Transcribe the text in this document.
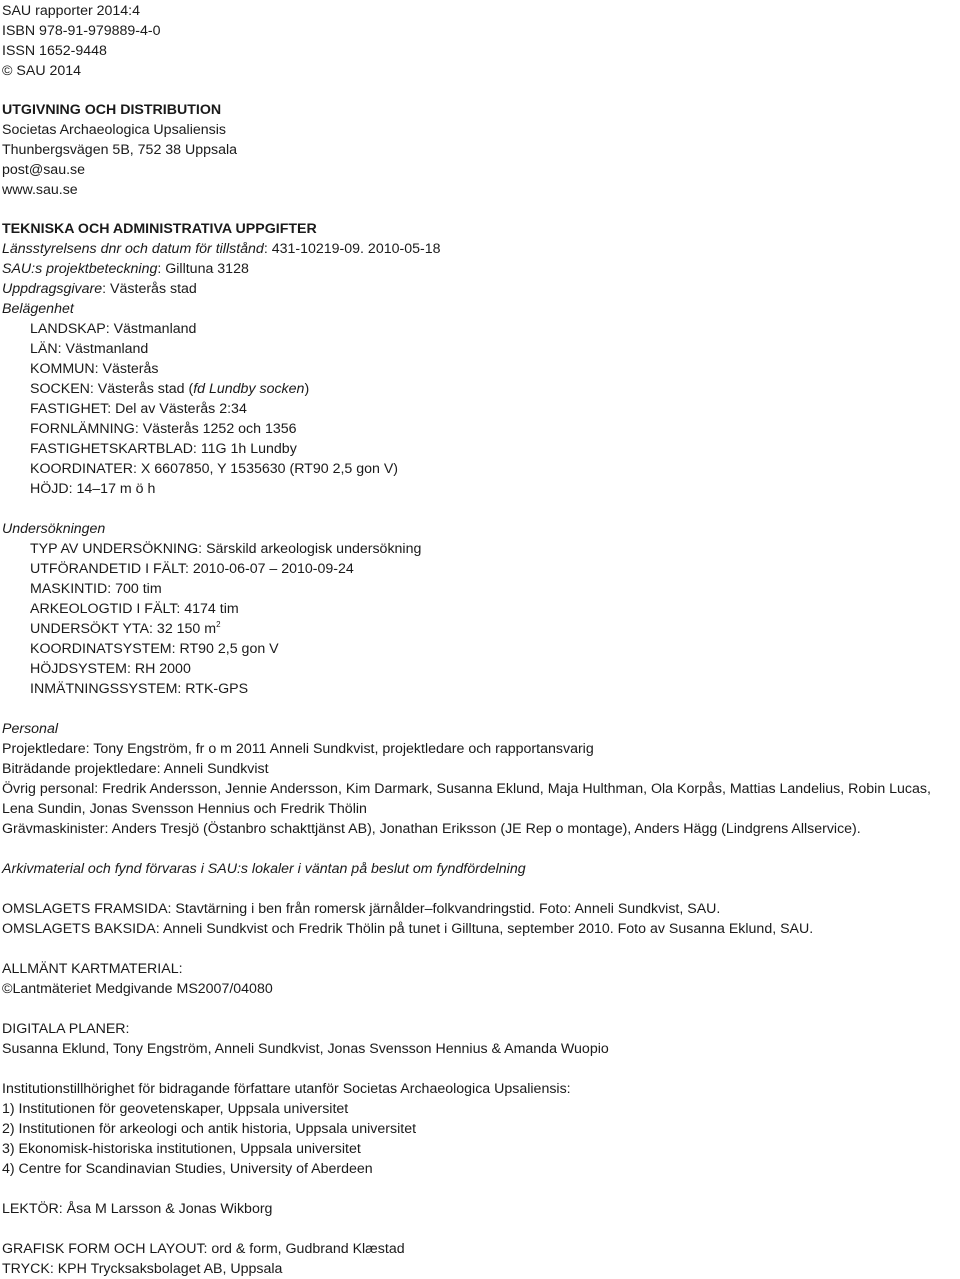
SAU rapporter 2014:4
ISBN 978-91-979889-4-0
ISSN 1652-9448
© SAU 2014
UTGIVNING OCH DISTRIBUTION
Societas Archaeologica Upsaliensis
Thunbergsvägen 5B, 752 38 Uppsala
post@sau.se
www.sau.se
TEKNISKA OCH ADMINISTRATIVA UPPGIFTER
Länsstyrelsens dnr och datum för tillstånd: 431-10219-09. 2010-05-18
SAU:s projektbeteckning: Gilltuna 3128
Uppdragsgivare: Västerås stad
Belägenhet
LANDSKAP: Västmanland
LÄN: Västmanland
KOMMUN: Västerås
SOCKEN: Västerås stad (fd Lundby socken)
FASTIGHET: Del av Västerås 2:34
FORNLÄMNING: Västerås 1252 och 1356
FASTIGHETSKARTBLAD: 11G 1h Lundby
KOORDINATER: X 6607850, Y 1535630 (RT90 2,5 gon V)
HÖJD: 14–17 m ö h
Undersökningen
TYP AV UNDERSÖKNING: Särskild arkeologisk undersökning
UTFÖRANDETID I FÄLT: 2010-06-07 – 2010-09-24
MASKINTID: 700 tim
ARKEOLOGTID I FÄLT: 4174 tim
UNDERSÖKT YTA: 32 150 $m^2$
KOORDINATSYSTEM: RT90 2,5 gon V
HÖJDSYSTEM: RH 2000
INMÄTNINGSSYSTEM: RTK-GPS
Personal
Projektledare: Tony Engström, fr o m 2011 Anneli Sundkvist, projektledare och rapportansvarig
Biträdande projektledare: Anneli Sundkvist
Övrig personal: Fredrik Andersson, Jennie Andersson, Kim Darmark, Susanna Eklund, Maja Hulthman, Ola Korpås, Mattias Landelius, Robin Lucas, Lena Sundin, Jonas Svensson Hennius och Fredrik Thölin
Grävmaskinister: Anders Tresjö (Östanbro schakttjänst AB), Jonathan Eriksson (JE Rep o montage), Anders Hägg (Lindgrens Allservice).
Arkivmaterial och fynd förvaras i SAU:s lokaler i väntan på beslut om fyndfördelning
OMSLAGETS FRAMSIDA: Stavtärning i ben från romersk järnålder–folkvandringstid. Foto: Anneli Sundkvist, SAU.
OMSLAGETS BAKSIDA: Anneli Sundkvist och Fredrik Thölin på tunet i Gilltuna, september 2010. Foto av Susanna Eklund, SAU.
ALLMÄNT KARTMATERIAL:
©Lantmäteriet Medgivande MS2007/04080
DIGITALA PLANER:
Susanna Eklund, Tony Engström, Anneli Sundkvist, Jonas Svensson Hennius & Amanda Wuopio
Institutionstillhörighet för bidragande författare utanför Societas Archaeologica Upsaliensis:
1) Institutionen för geovetenskaper, Uppsala universitet
2) Institutionen för arkeologi och antik historia, Uppsala universitet
3) Ekonomisk-historiska institutionen, Uppsala universitet
4) Centre for Scandinavian Studies, University of Aberdeen
LEKTÖR: Åsa M Larsson & Jonas Wikborg
GRAFISK FORM OCH LAYOUT: ord & form, Gudbrand Klæstad
TRYCK: KPH Trycksaksbolaget AB, Uppsala
